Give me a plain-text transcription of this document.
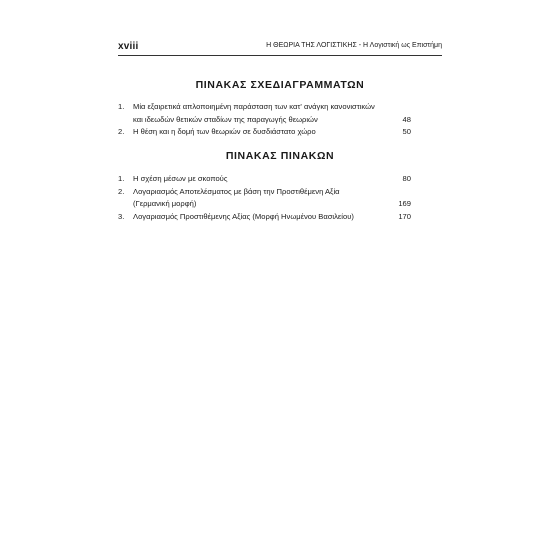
xviii	Η ΘΕΩΡΙΑ ΤΗΣ ΛΟΓΙΣΤΙΚΗΣ - Η Λογιστική ως Επιστήμη
ΠΙΝΑΚΑΣ ΣΧΕΔΙΑΓΡΑΜΜΑΤΩΝ
1. Μία εξαιρετικά απλοποιημένη παράσταση των κατ' ανάγκη κανονιστικών
και ιδεωδών θετικών σταδίων της παραγωγής θεωριών	48
2. Η θέση και η δομή των θεωριών σε δυσδιάστατο χώρο	50
ΠΙΝΑΚΑΣ ΠΙΝΑΚΩΝ
1. Η σχέση μέσων με σκοπούς	80
2. Λογαριασμός Αποτελέσματος με βάση την Προστιθέμενη Αξία
(Γερμανική μορφή)	169
3. Λογαριασμός Προστιθέμενης Αξίας (Μορφή Ηνωμένου Βασιλείου)	170
